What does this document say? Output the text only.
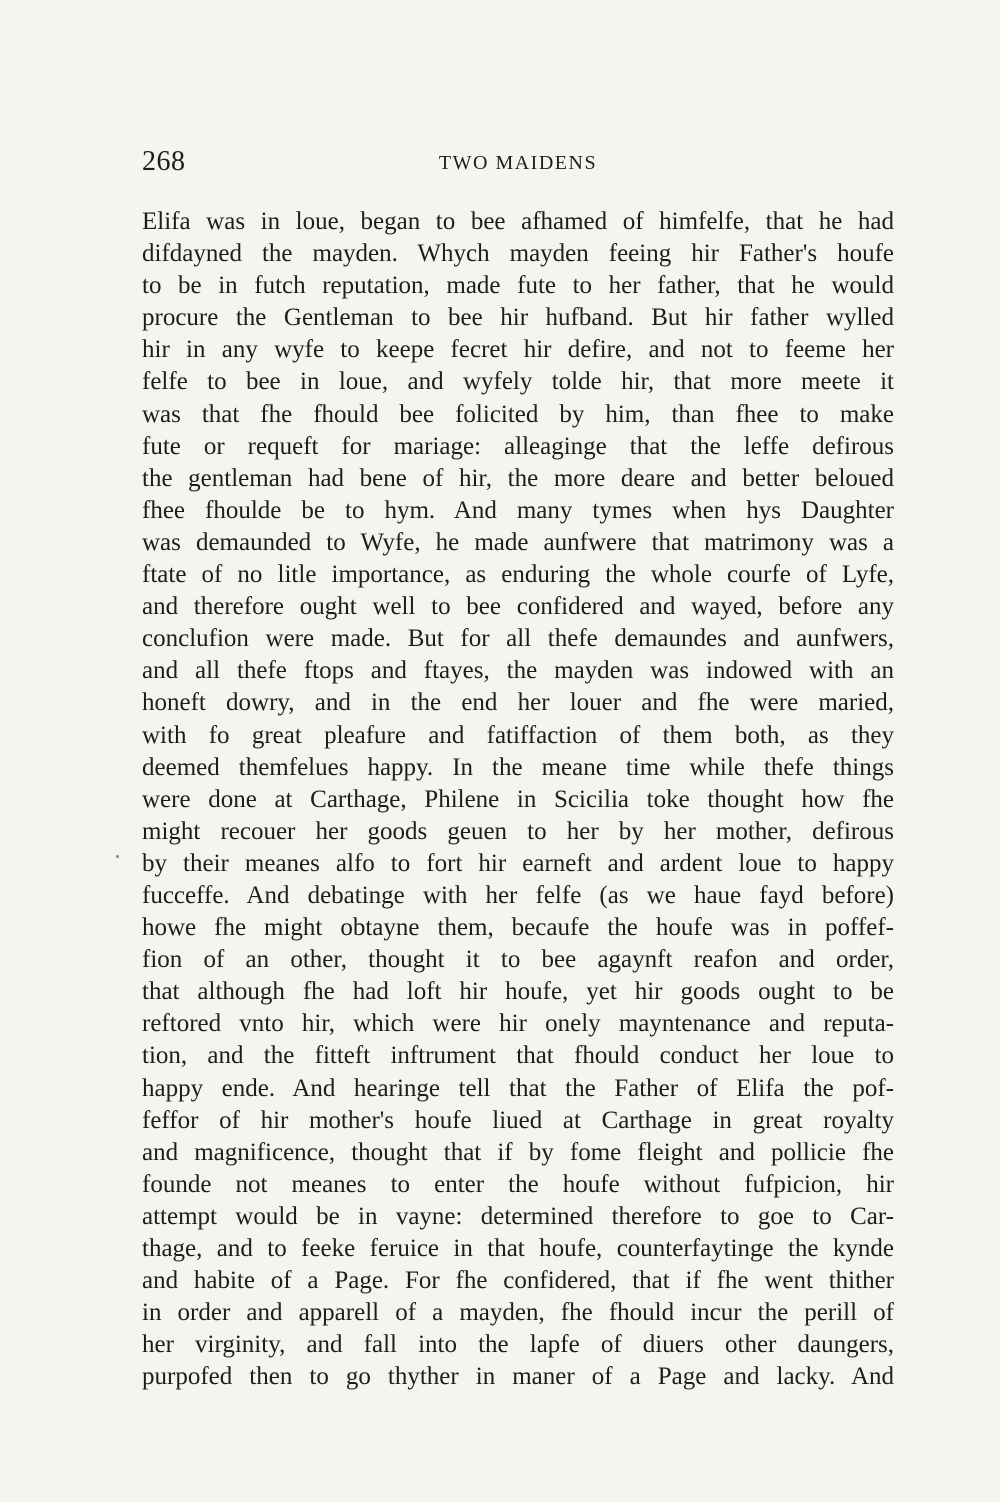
268	TWO MAIDENS
Elifa was in loue, began to bee afhamed of himfelfe, that he had
difdayned the mayden. Whych mayden feeing hir Father's houfe
to be in futch reputation, made fute to her father, that he would
procure the Gentleman to bee hir hufband. But hir father wylled
hir in any wyfe to keepe fecret hir defire, and not to feeme her
felfe to bee in loue, and wyfely tolde hir, that more meete it
was that fhe fhould bee folicited by him, than fhee to make
fute or requeft for mariage: alleaginge that the leffe defirous
the gentleman had bene of hir, the more deare and better beloued
fhee fhoulde be to hym. And many tymes when hys Daughter
was demaunded to Wyfe, he made aunfwere that matrimony was a
ftate of no litle importance, as enduring the whole courfe of Lyfe,
and therefore ought well to bee confidered and wayed, before any
conclufion were made. But for all thefe demaundes and aunfwers,
and all thefe ftops and ftayes, the mayden was indowed with an
honeft dowry, and in the end her louer and fhe were maried,
with fo great pleafure and fatiffaction of them both, as they
deemed themfelues happy. In the meane time while thefe things
were done at Carthage, Philene in Scicilia toke thought how fhe
might recouer her goods geuen to her by her mother, defirous
by their meanes alfo to fort hir earneft and ardent loue to happy
fucceffe. And debatinge with her felfe (as we haue fayd before)
howe fhe might obtayne them, becaufe the houfe was in poffef-
fion of an other, thought it to bee agaynft reafon and order,
that although fhe had loft hir houfe, yet hir goods ought to be
reftored vnto hir, which were hir onely mayntenance and reputa-
tion, and the fitteft inftrument that fhould conduct her loue to
happy ende. And hearinge tell that the Father of Elifa the pof-
feffor of hir mother's houfe liued at Carthage in great royalty
and magnificence, thought that if by fome fleight and pollicie fhe
founde not meanes to enter the houfe without fufpicion, hir
attempt would be in vayne: determined therefore to goe to Car-
thage, and to feeke feruice in that houfe, counterfaytinge the kynde
and habite of a Page. For fhe confidered, that if fhe went thither
in order and apparell of a mayden, fhe fhould incur the perill of
her virginity, and fall into the lapfe of diuers other daungers,
purpofed then to go thyther in maner of a Page and lacky. And
